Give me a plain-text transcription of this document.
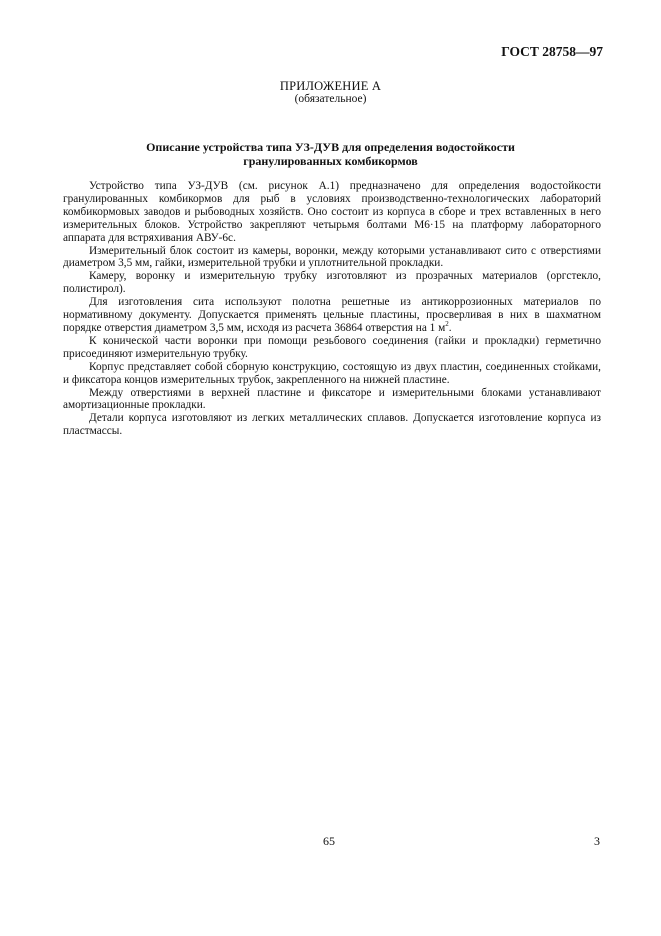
ГОСТ 28758—97
ПРИЛОЖЕНИЕ А
(обязательное)
Описание устройства типа УЗ-ДУВ для определения водостойкости
гранулированных комбикормов

Устройство типа УЗ-ДУВ (см. рисунок А.1) предназначено для определения водостойкости гранулированных комбикормов для рыб в условиях производственно-технологических лабораторий комбикормовых заводов и рыбоводных хозяйств. Оно состоит из корпуса в сборе и трех вставленных в него измерительных блоков. Устройство закрепляют четырьмя болтами М6·15 на платформу лабораторного аппарата для встряхивания АВУ-6с.

Измерительный блок состоит из камеры, воронки, между которыми устанавливают сито с отверстиями диаметром 3,5 мм, гайки, измерительной трубки и уплотнительной прокладки.

Камеру, воронку и измерительную трубку изготовляют из прозрачных материалов (оргстекло, полистирол).

Для изготовления сита используют полотна решетные из антикоррозионных материалов по нормативному документу. Допускается применять цельные пластины, просверливая в них в шахматном порядке отверстия диаметром 3,5 мм, исходя из расчета 36864 отверстия на 1 $м^2$.

К конической части воронки при помощи резьбового соединения (гайки и прокладки) герметично присоединяют измерительную трубку.

Корпус представляет собой сборную конструкцию, состоящую из двух пластин, соединенных стойками, и фиксатора концов измерительных трубок, закрепленного на нижней пластине.

Между отверстиями в верхней пластине и фиксаторе и измерительными блоками устанавливают амортизационные прокладки.

Детали корпуса изготовляют из легких металлических сплавов. Допускается изготовление корпуса из пластмассы.

65	3
